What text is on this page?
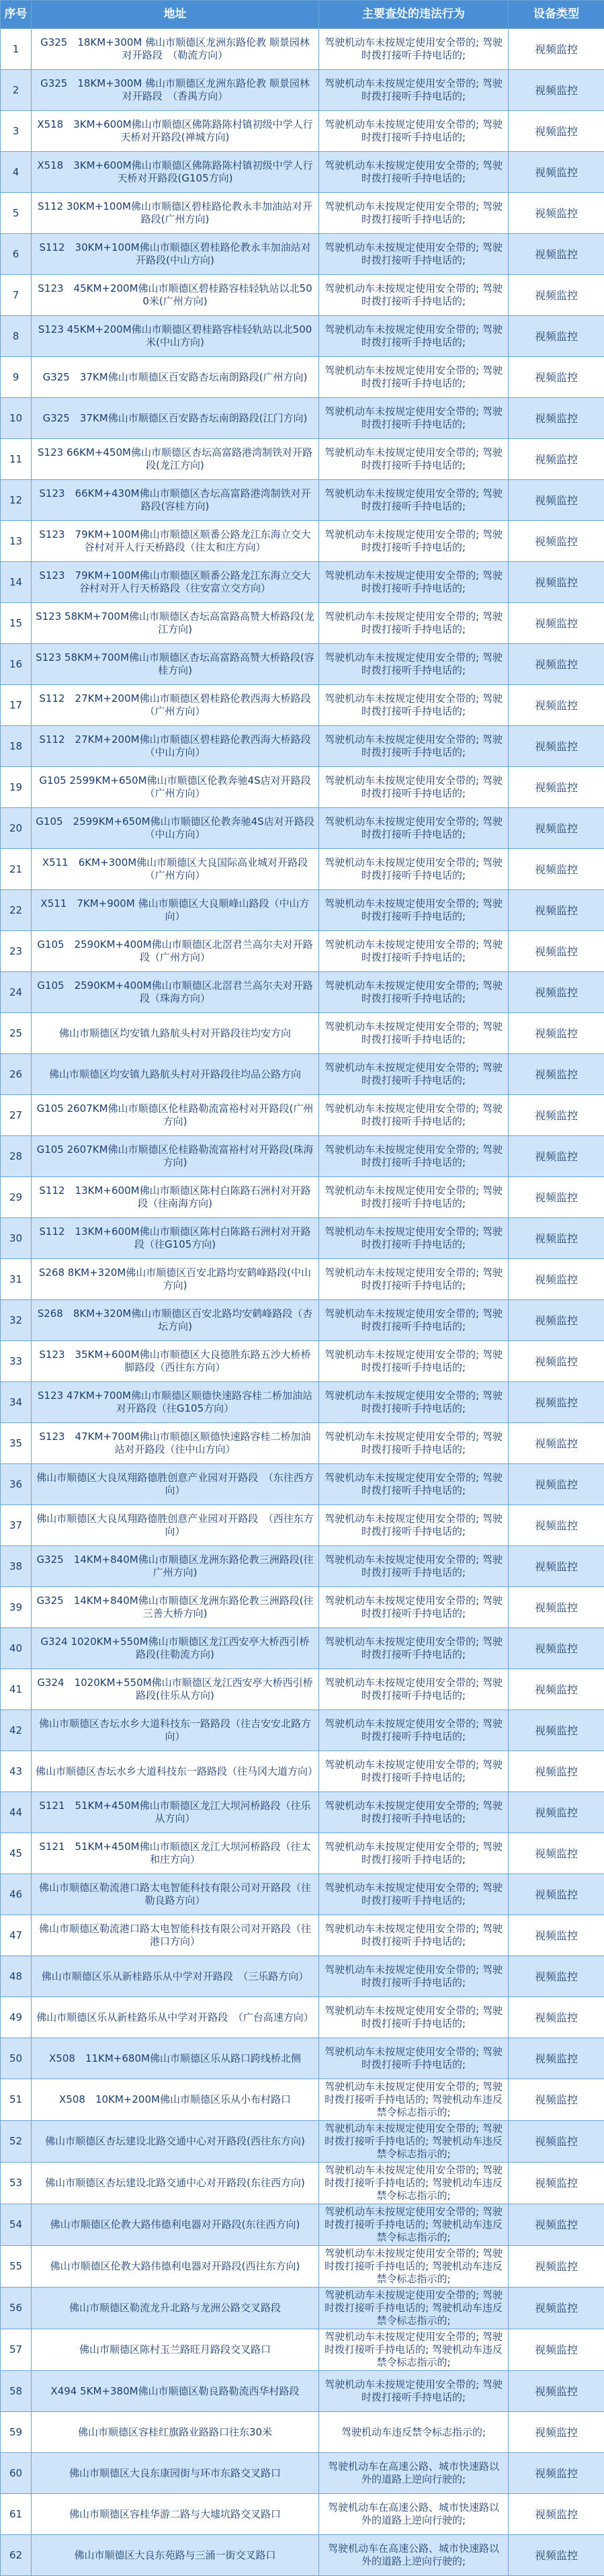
序号	地址	主要查处的违法行为	设备类型
1	G325　18KM+300M 佛山市顺德区龙洲东路伦教 顺景园林对开路段　（勒流方向）	驾驶机动车未按规定使用安全带的; 驾驶时拨打接听手持电话的;	视频监控
2	G325　18KM+300M 佛山市顺德区龙洲东路伦教 顺景园林对开路段　（香禺方向）	驾驶机动车未按规定使用安全带的; 驾驶时拨打接听手持电话的;	视频监控
3	X518　3KM+600M佛山市顺德区佛陈路陈村镇初级中学人行天桥对开路段(禅城方向)	驾驶机动车未按规定使用安全带的; 驾驶时拨打接听手持电话的;	视频监控
4	X518　3KM+600M佛山市顺德区佛陈路陈村镇初级中学人行天桥对开路段(G105方向)	驾驶机动车未按规定使用安全带的; 驾驶时拨打接听手持电话的;	视频监控
5	S112 30KM+100M佛山市顺德区碧桂路伦教永丰加油站对开路段(广州方向)	驾驶机动车未按规定使用安全带的; 驾驶时拨打接听手持电话的;	视频监控
6	S112　30KM+100M佛山市顺德区碧桂路伦教永丰加油站对开路段(中山方向)	驾驶机动车未按规定使用安全带的; 驾驶时拨打接听手持电话的;	视频监控
7	S123　45KM+200M佛山市顺德区碧桂路容桂轻轨站以北500米(广州方向)	驾驶机动车未按规定使用安全带的; 驾驶时拨打接听手持电话的;	视频监控
8	S123 45KM+200M佛山市顺德区碧桂路容桂轻轨站以北500米(中山方向)	驾驶机动车未按规定使用安全带的; 驾驶时拨打接听手持电话的;	视频监控
9	G325　37KM佛山市顺德区百安路杏坛南朗路段(广州方向)	驾驶机动车未按规定使用安全带的; 驾驶时拨打接听手持电话的;	视频监控
10	G325　37KM佛山市顺德区百安路杏坛南朗路段(江门方向)	驾驶机动车未按规定使用安全带的; 驾驶时拨打接听手持电话的;	视频监控
11	S123 66KM+450M佛山市顺德区杏坛高富路港湾制铁对开路段(龙江方向)	驾驶机动车未按规定使用安全带的; 驾驶时拨打接听手持电话的;	视频监控
12	S123　66KM+430M佛山市顺德区杏坛高富路港湾制铁对开路段(容桂方向)	驾驶机动车未按规定使用安全带的; 驾驶时拨打接听手持电话的;	视频监控
13	S123　79KM+100M佛山市顺德区顺番公路龙江东海立交大谷村对开人行天桥路段（往太和庄方向）	驾驶机动车未按规定使用安全带的; 驾驶时拨打接听手持电话的;	视频监控
14	S123　79KM+100M佛山市顺德区顺番公路龙江东海立交大谷村对开人行天桥路段（往安富立交方向）	驾驶机动车未按规定使用安全带的; 驾驶时拨打接听手持电话的;	视频监控
15	S123 58KM+700M佛山市顺德区杏坛高富路高赞大桥路段(龙江方向)	驾驶机动车未按规定使用安全带的; 驾驶时拨打接听手持电话的;	视频监控
16	S123 58KM+700M佛山市顺德区杏坛高富路高赞大桥路段(容桂方向)	驾驶机动车未按规定使用安全带的; 驾驶时拨打接听手持电话的;	视频监控
17	S112　27KM+200M佛山市顺德区碧桂路伦教西海大桥路段（广州方向）	驾驶机动车未按规定使用安全带的; 驾驶时拨打接听手持电话的;	视频监控
18	S112　27KM+200M佛山市顺德区碧桂路伦教西海大桥路段（中山方向）	驾驶机动车未按规定使用安全带的; 驾驶时拨打接听手持电话的;	视频监控
19	G105 2599KM+650M佛山市顺德区伦教奔驰4S店对开路段（广州方向）	驾驶机动车未按规定使用安全带的; 驾驶时拨打接听手持电话的;	视频监控
20	G105　2599KM+650M佛山市顺德区伦教奔驰4S店对开路段（中山方向）	驾驶机动车未按规定使用安全带的; 驾驶时拨打接听手持电话的;	视频监控
21	X511　6KM+300M佛山市顺德区大良国际高业城对开路段（广州方向）	驾驶机动车未按规定使用安全带的; 驾驶时拨打接听手持电话的;	视频监控
22	X511　7KM+900M 佛山市顺德区大良顺峰山路段（中山方向）	驾驶机动车未按规定使用安全带的; 驾驶时拨打接听手持电话的;	视频监控
23	G105　2590KM+400M佛山市顺德区北滘君兰高尔夫对开路段（广州方向）	驾驶机动车未按规定使用安全带的; 驾驶时拨打接听手持电话的;	视频监控
24	G105　2590KM+400M佛山市顺德区北滘君兰高尔夫对开路段（珠海方向）	驾驶机动车未按规定使用安全带的; 驾驶时拨打接听手持电话的;	视频监控
25	佛山市顺德区均安镇九路航头村对开路段往均安方向	驾驶机动车未按规定使用安全带的; 驾驶时拨打接听手持电话的;	视频监控
26	佛山市顺德区均安镇九路航头村对开路段往均品公路方向	驾驶机动车未按规定使用安全带的; 驾驶时拨打接听手持电话的;	视频监控
27	G105 2607KM佛山市顺德区伦桂路勒流富裕村对开路段(广州方向)	驾驶机动车未按规定使用安全带的; 驾驶时拨打接听手持电话的;	视频监控
28	G105 2607KM佛山市顺德区伦桂路勒流富裕村对开路段(珠海方向)	驾驶机动车未按规定使用安全带的; 驾驶时拨打接听手持电话的;	视频监控
29	S112　13KM+600M佛山市顺德区陈村白陈路石洲村对开路段（往南海方向)	驾驶机动车未按规定使用安全带的; 驾驶时拨打接听手持电话的;	视频监控
30	S112　13KM+600M佛山市顺德区陈村白陈路石洲村对开路段（往G105方向)	驾驶机动车未按规定使用安全带的; 驾驶时拨打接听手持电话的;	视频监控
31	S268 8KM+320M佛山市顺德区百安北路均安鹤峰路段(中山方向)	驾驶机动车未按规定使用安全带的; 驾驶时拨打接听手持电话的;	视频监控
32	S268　8KM+320M佛山市顺德区百安北路均安鹤峰路段（杏坛方向)	驾驶机动车未按规定使用安全带的; 驾驶时拨打接听手持电话的;	视频监控
33	S123　35KM+600M佛山市顺德区大良德胜东路五沙大桥桥脚路段（西往东方向）	驾驶机动车未按规定使用安全带的; 驾驶时拨打接听手持电话的;	视频监控
34	S123 47KM+700M佛山市顺德区顺德快速路容桂二桥加油站对开路段（往G105方向）	驾驶机动车未按规定使用安全带的; 驾驶时拨打接听手持电话的;	视频监控
35	S123　47KM+700M佛山市顺德区顺德快速路容桂二桥加油站对开路段（往中山方向）	驾驶机动车未按规定使用安全带的; 驾驶时拨打接听手持电话的;	视频监控
36	佛山市顺德区大良凤翔路德胜创意产业园对开路段　（东往西方向）	驾驶机动车未按规定使用安全带的; 驾驶时拨打接听手持电话的;	视频监控
37	佛山市顺德区大良凤翔路德胜创意产业园对开路段　（西往东方向）	驾驶机动车未按规定使用安全带的; 驾驶时拨打接听手持电话的;	视频监控
38	G325　14KM+840M佛山市顺德区龙洲东路伦教三洲路段(往广州方向)	驾驶机动车未按规定使用安全带的; 驾驶时拨打接听手持电话的;	视频监控
39	G325　14KM+840M佛山市顺德区龙洲东路伦教三洲路段(往三善大桥方向)	驾驶机动车未按规定使用安全带的; 驾驶时拨打接听手持电话的;	视频监控
40	G324 1020KM+550M佛山市顺德区龙江西安亭大桥西引桥路段(往勒流方向)	驾驶机动车未按规定使用安全带的; 驾驶时拨打接听手持电话的;	视频监控
41	G324　1020KM+550M佛山市顺德区龙江西安亭大桥西引桥路段(往乐从方向)	驾驶机动车未按规定使用安全带的; 驾驶时拨打接听手持电话的;	视频监控
42	佛山市顺德区杏坛水乡大道科技东一路路段（往吉安安北路方向）	驾驶机动车未按规定使用安全带的; 驾驶时拨打接听手持电话的;	视频监控
43	佛山市顺德区杏坛水乡大道科技东一路路段（往马冈大道方向）	驾驶机动车未按规定使用安全带的; 驾驶时拨打接听手持电话的;	视频监控
44	S121　51KM+450M佛山市顺德区龙江大坝河桥路段（往乐从方向）	驾驶机动车未按规定使用安全带的; 驾驶时拨打接听手持电话的;	视频监控
45	S121　51KM+450M佛山市顺德区龙江大坝河桥路段（往太和庄方向）	驾驶机动车未按规定使用安全带的; 驾驶时拨打接听手持电话的;	视频监控
46	佛山市顺德区勒流港口路太电智能科技有限公司对开路段（往勒良路方向）	驾驶机动车未按规定使用安全带的; 驾驶时拨打接听手持电话的;	视频监控
47	佛山市顺德区勒流港口路太电智能科技有限公司对开路段（往港口方向）	驾驶机动车未按规定使用安全带的; 驾驶时拨打接听手持电话的;	视频监控
48	佛山市顺德区乐从新桂路乐从中学对开路段　（三乐路方向）	驾驶机动车未按规定使用安全带的; 驾驶时拨打接听手持电话的;	视频监控
49	佛山市顺德区乐从新桂路乐从中学对开路段　（广台高速方向）	驾驶机动车未按规定使用安全带的; 驾驶时拨打接听手持电话的;	视频监控
50	X508　11KM+680M佛山市顺德区乐从路口跨线桥北侧	驾驶机动车未按规定使用安全带的; 驾驶时拨打接听手持电话的;	视频监控
51	X508　10KM+200M佛山市顺德区乐从小布村路口	驾驶机动车未按规定使用安全带的; 驾驶时拨打接听手持电话的; 驾驶机动车违反禁令标志指示的;	视频监控
52	佛山市顺德区杏坛建设北路交通中心对开路段(西往东方向)	驾驶机动车未按规定使用安全带的; 驾驶时拨打接听手持电话的; 驾驶机动车违反禁令标志指示的;	视频监控
53	佛山市顺德区杏坛建设北路交通中心对开路段(东往西方向)	驾驶机动车未按规定使用安全带的; 驾驶时拨打接听手持电话的; 驾驶机动车违反禁令标志指示的;	视频监控
54	佛山市顺德区伦教大路伟德利电器对开路段(东往西方向)	驾驶机动车未按规定使用安全带的; 驾驶时拨打接听手持电话的; 驾驶机动车违反禁令标志指示的;	视频监控
55	佛山市顺德区伦教大路伟德利电器对开路段(西往东方向)	驾驶机动车未按规定使用安全带的; 驾驶时拨打接听手持电话的; 驾驶机动车违反禁令标志指示的;	视频监控
56	佛山市顺德区勒流龙升北路与龙洲公路交叉路段	驾驶机动车未按规定使用安全带的; 驾驶时拨打接听手持电话的; 驾驶机动车违反禁令标志指示的;	视频监控
57	佛山市顺德区陈村玉兰路旺月路段交叉路口	驾驶机动车未按规定使用安全带的; 驾驶时拨打接听手持电话的; 驾驶机动车违反禁令标志指示的;	视频监控
58	X494 5KM+380M佛山市顺德区勒良路勒流西华村路段	驾驶机动车未按规定使用安全带的; 驾驶时拨打接听手持电话的;	视频监控
59	佛山市顺德区容桂红旗路业路路口往东30米	驾驶机动车违反禁令标志指示的;	视频监控
60	佛山市顺德区大良东康园街与环市东路交叉路口	驾驶机动车在高速公路、城市快速路以外的道路上逆向行驶的;	视频监控
61	佛山市顺德区容桂华游二路与大墟坑路交叉路口	驾驶机动车在高速公路、城市快速路以外的道路上逆向行驶的;	视频监控
62	佛山市顺德区大良东苑路与三涌一街交叉路口	驾驶机动车在高速公路、城市快速路以外的道路上逆向行驶的;	视频监控
